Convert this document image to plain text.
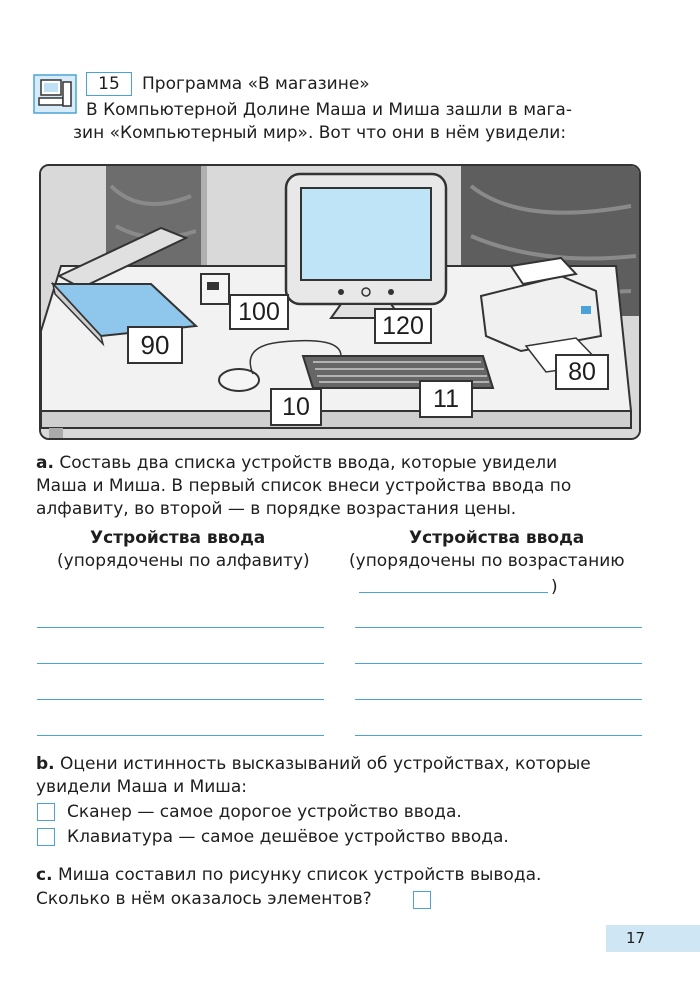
15	Программа «В магазине»
В Компьютерной Долине Маша и Миша зашли в мага-
зин «Компьютерный мир». Вот что они в нём увидели:
90
100	120
80
10	11
a. Составь два списка устройств ввода, которые увидели
Маша и Миша. В первый список внеси устройства ввода по
алфавиту, во второй — в порядке возрастания цены.
Устройства ввода
(упорядочены по алфавиту)
Устройства ввода
(упорядочены по возрастанию
)
b. Оцени истинность высказываний об устройствах, которые
увидели Маша и Миша:
Сканер — самое дорогое устройство ввода.
Клавиатура — самое дешёвое устройство ввода.
c. Миша составил по рисунку список устройств вывода.
Сколько в нём оказалось элементов?
17
